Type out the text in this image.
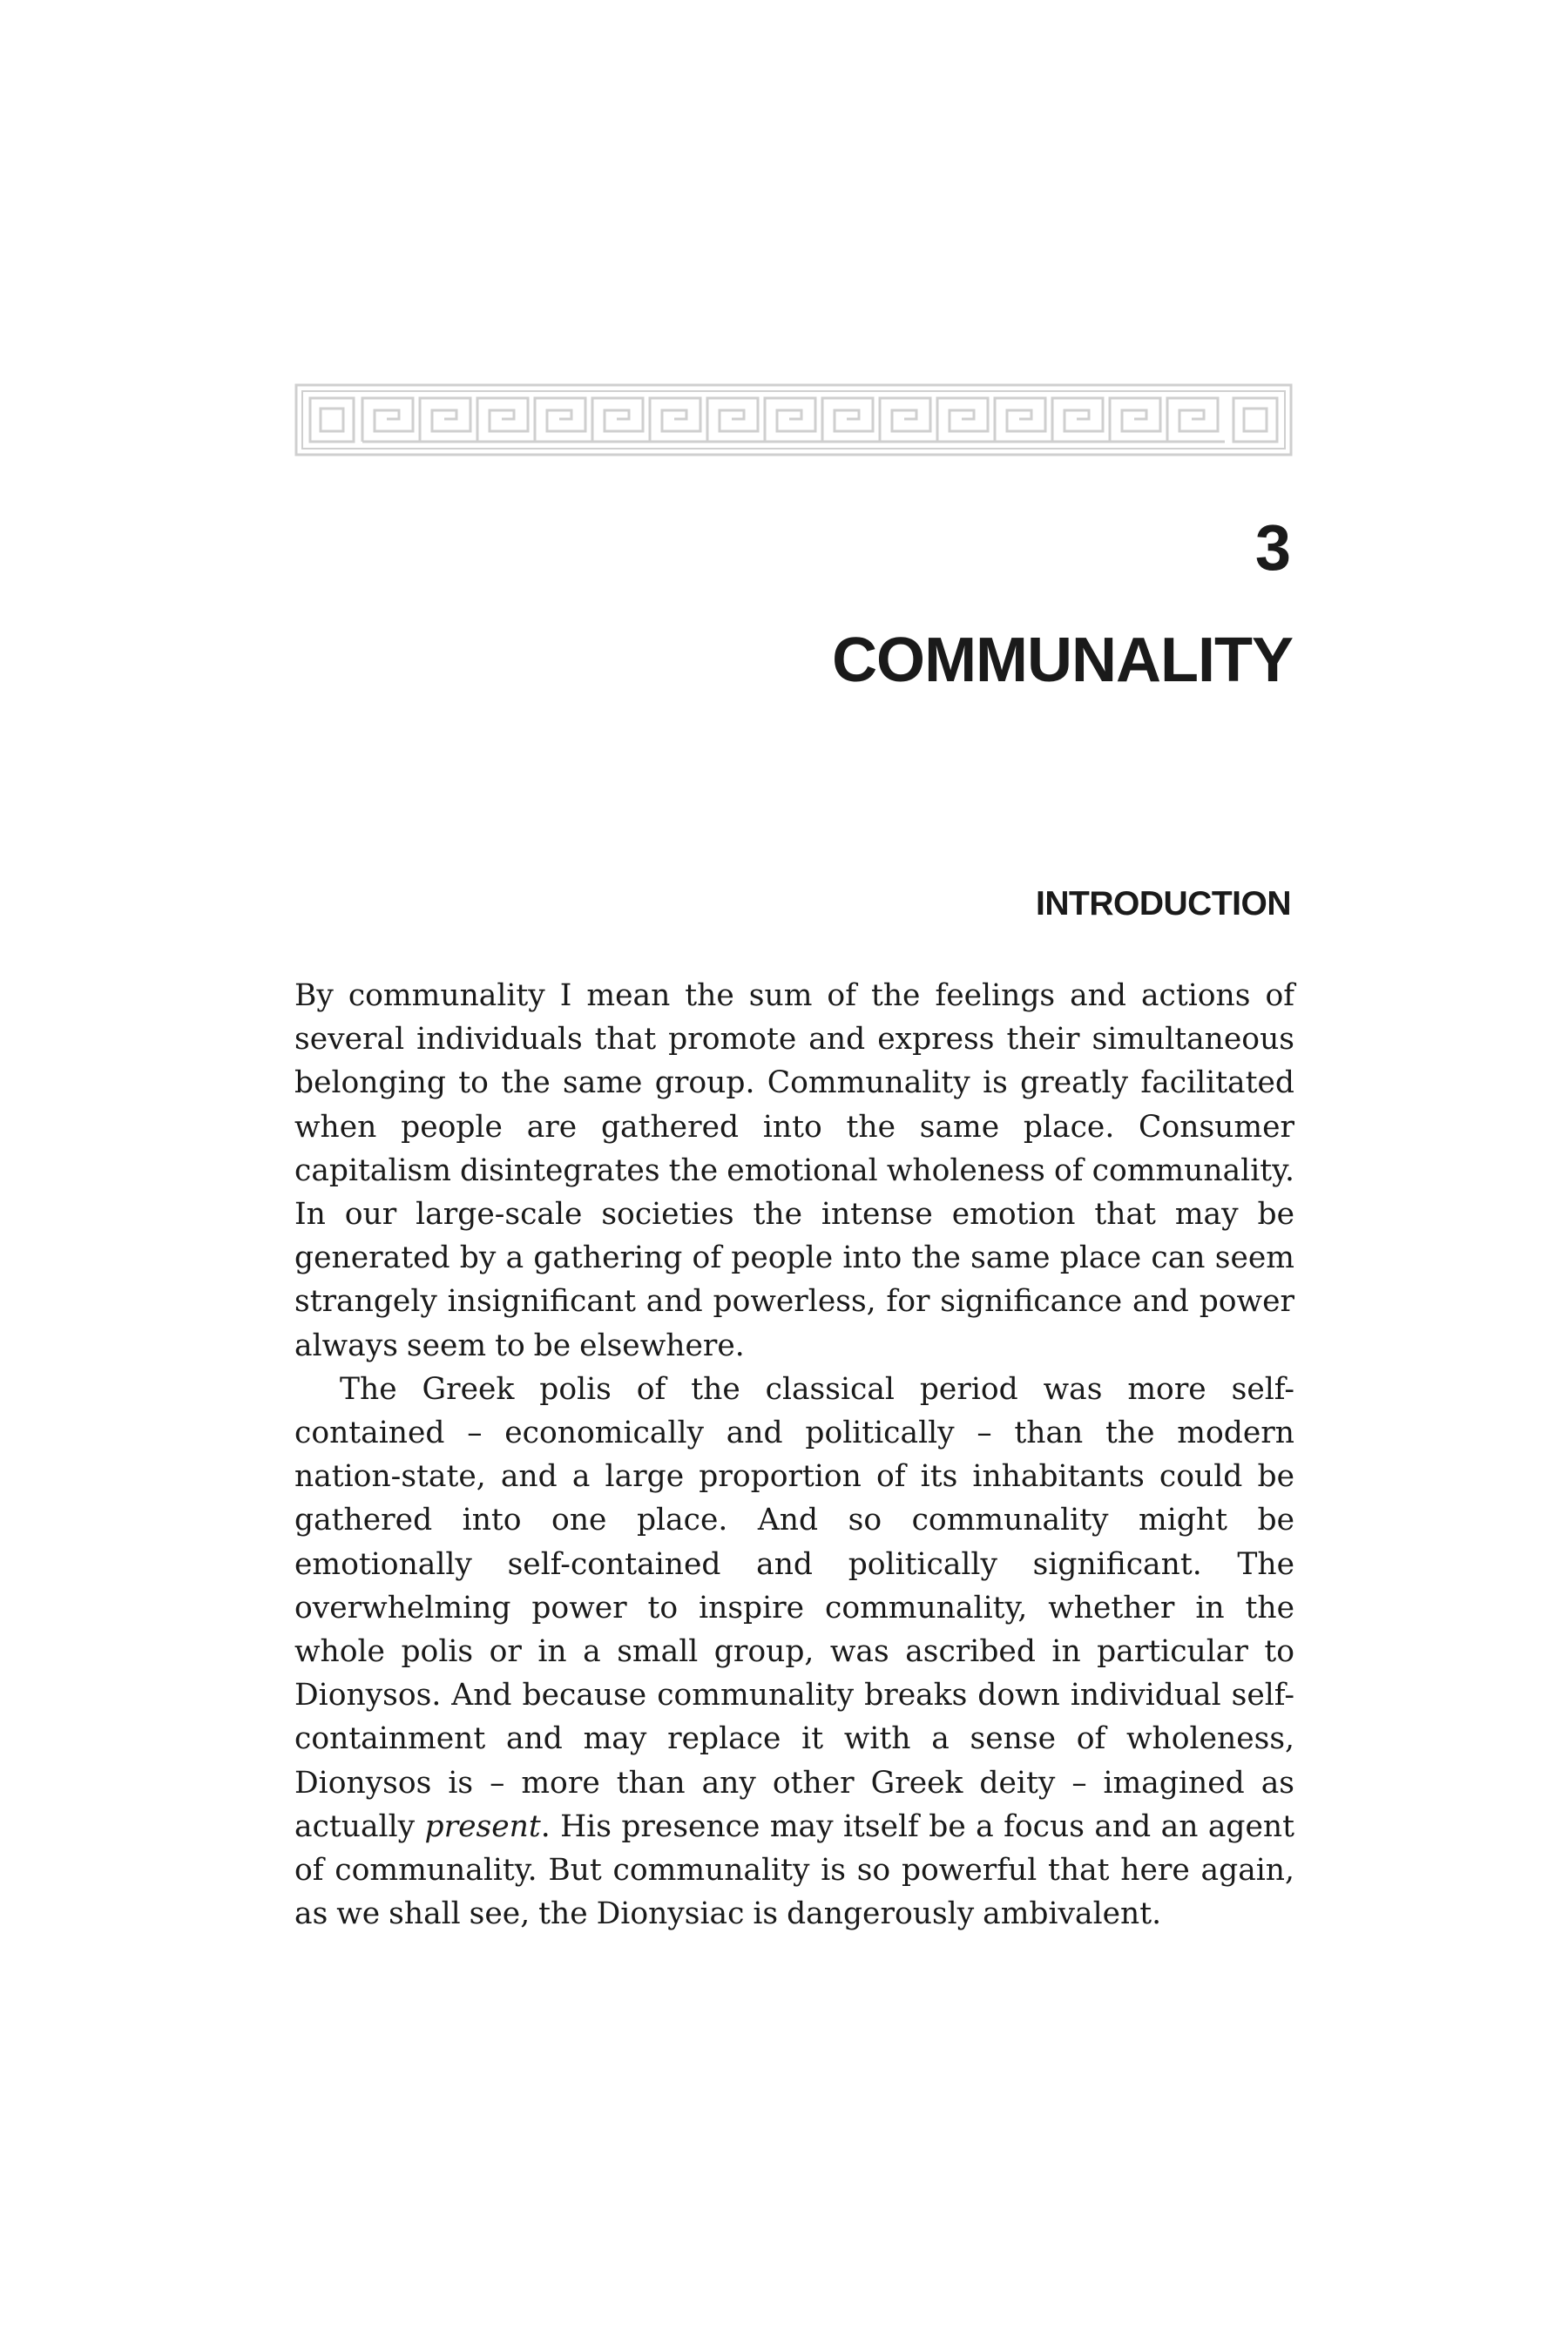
3
COMMUNALITY
INTRODUCTION

By communality I mean the sum of the feelings and actions of several individuals that promote and express their simultaneous belonging to the same group. Communality is greatly facilitated when people are gathered into the same place. Consumer capitalism disintegrates the emotional wholeness of communality. In our large-scale societies the intense emotion that may be generated by a gathering of people into the same place can seem strangely insignificant and powerless, for significance and power always seem to be elsewhere.

The Greek polis of the classical period was more self-contained – economically and politically – than the modern nation-state, and a large proportion of its inhabitants could be gathered into one place. And so communality might be emotionally self-contained and politically significant. The overwhelming power to inspire communality, whether in the whole polis or in a small group, was ascribed in particular to Dionysos. And because communality breaks down individual self-containment and may replace it with a sense of wholeness, Dionysos is – more than any other Greek deity – imagined as actually present. His presence may itself be a focus and an agent of communality. But communality is so powerful that here again, as we shall see, the Dionysiac is dangerously ambivalent.
